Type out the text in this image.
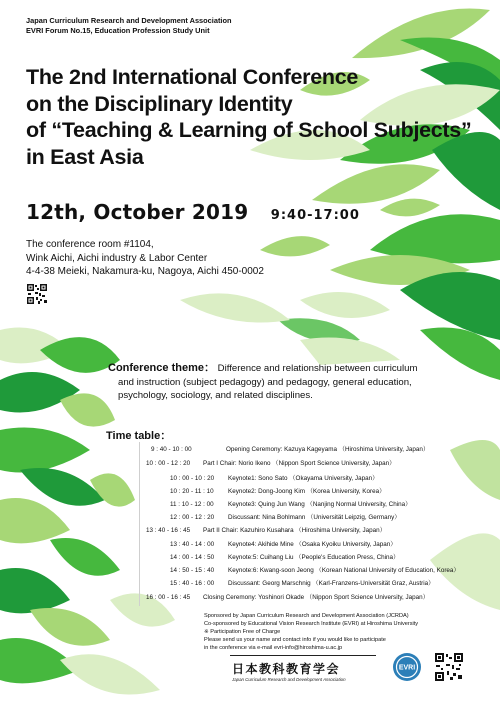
Japan Curriculum Research and Development Association
EVRI Forum No.15, Education Profession Study Unit
The 2nd International Conference
on the Disciplinary Identity
of “Teaching & Learning of School Subjects”
in East Asia
12th, October 2019 9:40-17:00
The conference room #1104,
Wink Aichi, Aichi industry & Labor Center
4-4-38 Meieki, Nakamura-ku, Nagoya, Aichi 450-0002
Conference theme： Difference and relationship between curriculum
and instruction (subject pedagogy) and pedagogy, general education,
psychology, sociology, and related disciplines.
Time table：
9 : 40 - 10 : 00	Opening Ceremony: Kazuya Kageyama （Hiroshima University, Japan）
10 : 00 - 12 : 20 Part I Chair: Norio Ikeno （Nippon Sport Science University, Japan）
10 : 00 - 10 : 20 Keynote1: Sono Sato （Okayama University, Japan）
10 : 20 - 11 : 10 Keynote2: Dong-Joong Kim （Korea University, Korea）
11 : 10 - 12 : 00 Keynote3: Quing Jun Wang （Nanjing Normal University, China）
12 : 00 - 12 : 20 Discussant: Nina Bohlmann （Universität Leipzig, Germany）
13 : 40 - 16 : 45 Part II Chair: Kazuhiro Kusahara （Hiroshima University, Japan）
13 : 40 - 14 : 00 Keynote4: Akihide Mine （Osaka Kyoiku University, Japan）
14 : 00 - 14 : 50 Keynote:5: Cuihang Liu （People's Education Press, China）
14 : 50 - 15 : 40 Keynote:6: Kwang-soon Jeong （Korean National University of Education, Korea）
15 : 40 - 16 : 00 Discussant: Georg Marschnig （Karl-Franzens-Universität Graz, Austria）
16 : 00 - 16 : 45 Closing Ceremony: Yoshinori Okade （Nippon Sport Science University, Japan）
Sponsored by Japan Curriculum Research and Development Association (JCRDA)
Co-sponsored by Educational Vision Research Institute (EVRI) at Hiroshima University
※ Participation Free of Charge
Please send us your name and contact info if you would like to participate
in the conference via e-mail evri-info@hiroshima-u.ac.jp
日本教科教育学会
Japan Curriculum Research and Development Association
EVRI
